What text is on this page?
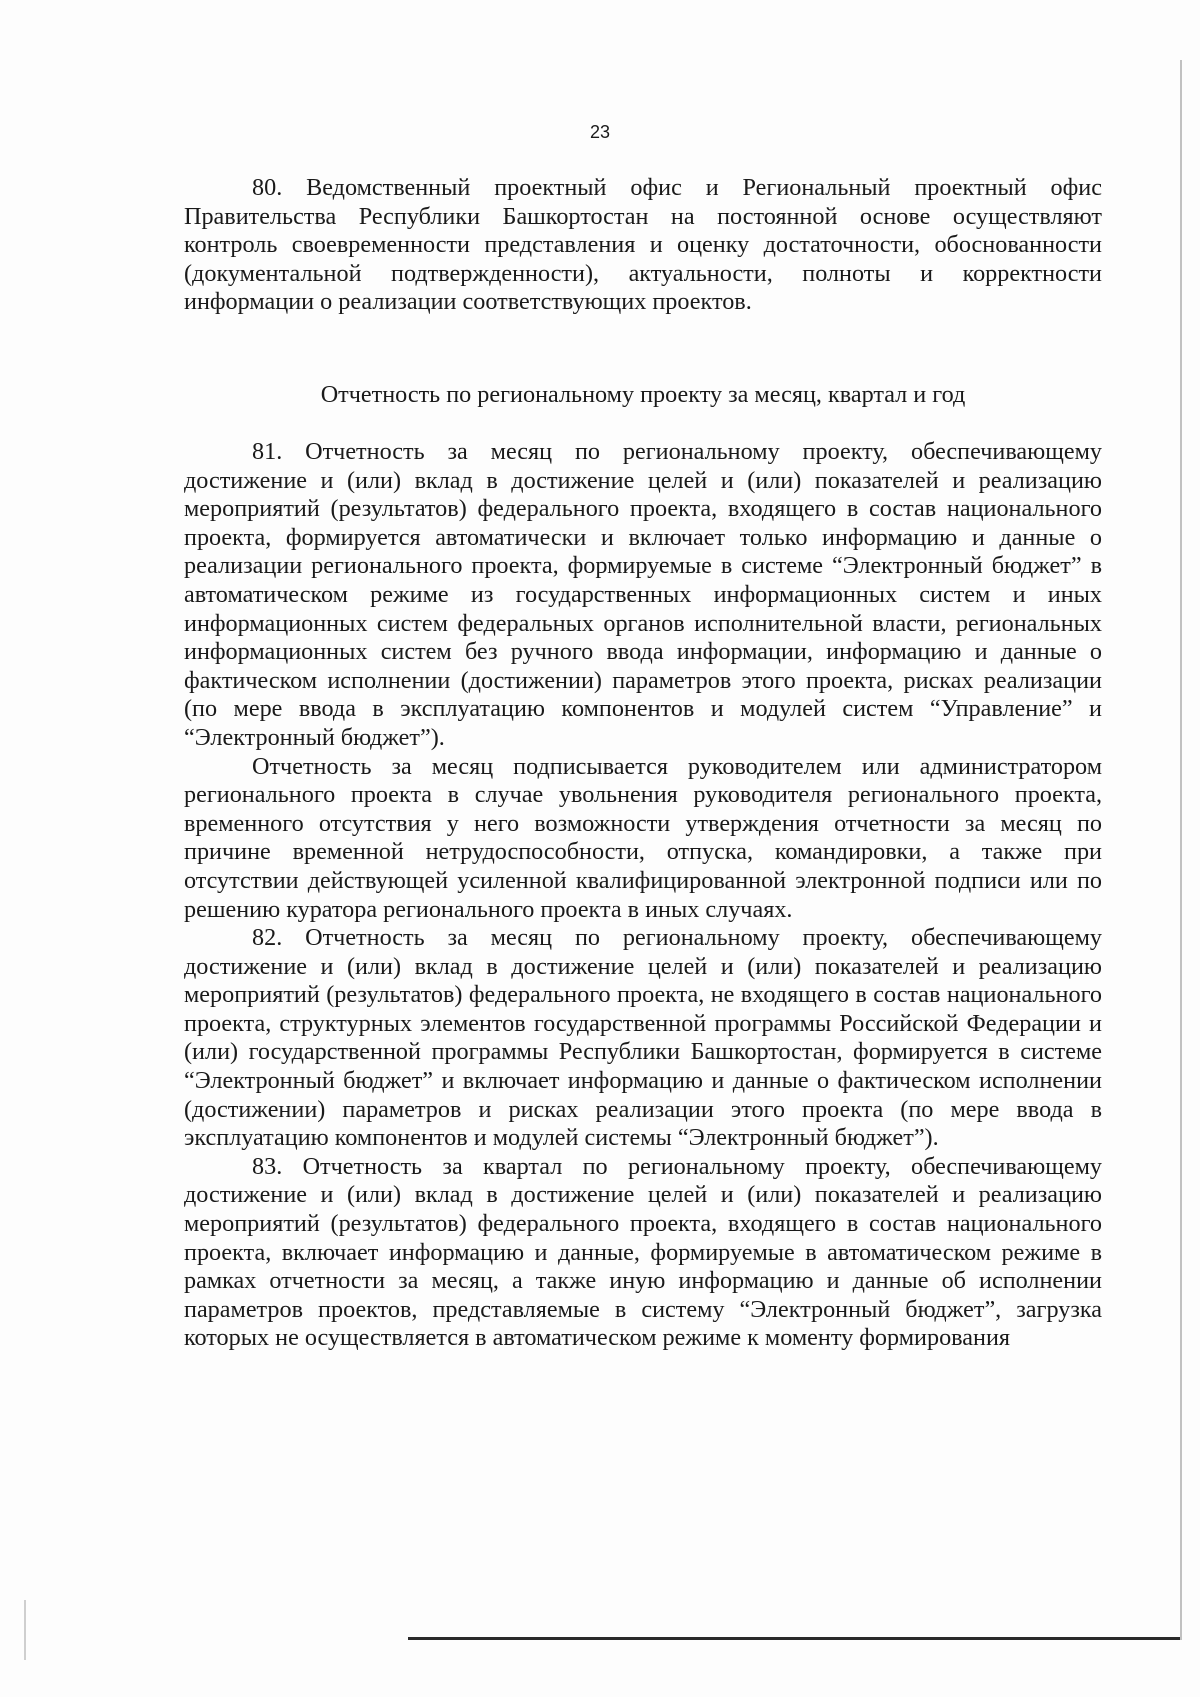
23

80. Ведомственный проектный офис и Региональный проектный офис Правительства Республики Башкортостан на постоянной основе осуществляют контроль своевременности представления и оценку достаточности, обоснованности (документальной подтвержденности), актуальности, полноты и корректности информации о реализации соответствующих проектов.

Отчетность по региональному проекту за месяц, квартал и год

81. Отчетность за месяц по региональному проекту, обеспечивающему достижение и (или) вклад в достижение целей и (или) показателей и реализацию мероприятий (результатов) федерального проекта, входящего в состав национального проекта, формируется автоматически и включает только информацию и данные о реализации регионального проекта, формируемые в системе “Электронный бюджет” в автоматическом режиме из государственных информационных систем и иных информационных систем федеральных органов исполнительной власти, региональных информационных систем без ручного ввода информации, информацию и данные о фактическом исполнении (достижении) параметров этого проекта, рисках реализации (по мере ввода в эксплуатацию компонентов и модулей систем “Управление” и “Электронный бюджет”).

Отчетность за месяц подписывается руководителем или администратором регионального проекта в случае увольнения руководителя регионального проекта, временного отсутствия у него возможности утверждения отчетности за месяц по причине временной нетрудоспособности, отпуска, командировки, а также при отсутствии действующей усиленной квалифицированной электронной подписи или по решению куратора регионального проекта в иных случаях.

82. Отчетность за месяц по региональному проекту, обеспечивающему достижение и (или) вклад в достижение целей и (или) показателей и реализацию мероприятий (результатов) федерального проекта, не входящего в состав национального проекта, структурных элементов государственной программы Российской Федерации и (или) государственной программы Республики Башкортостан, формируется в системе “Электронный бюджет” и включает информацию и данные о фактическом исполнении (достижении) параметров и рисках реализации этого проекта (по мере ввода в эксплуатацию компонентов и модулей системы “Электронный бюджет”).

83. Отчетность за квартал по региональному проекту, обеспечивающему достижение и (или) вклад в достижение целей и (или) показателей и реализацию мероприятий (результатов) федерального проекта, входящего в состав национального проекта, включает информацию и данные, формируемые в автоматическом режиме в рамках отчетности за месяц, а также иную информацию и данные об исполнении параметров проектов, представляемые в систему “Электронный бюджет”, загрузка которых не осуществляется в автоматическом режиме к моменту формирования
